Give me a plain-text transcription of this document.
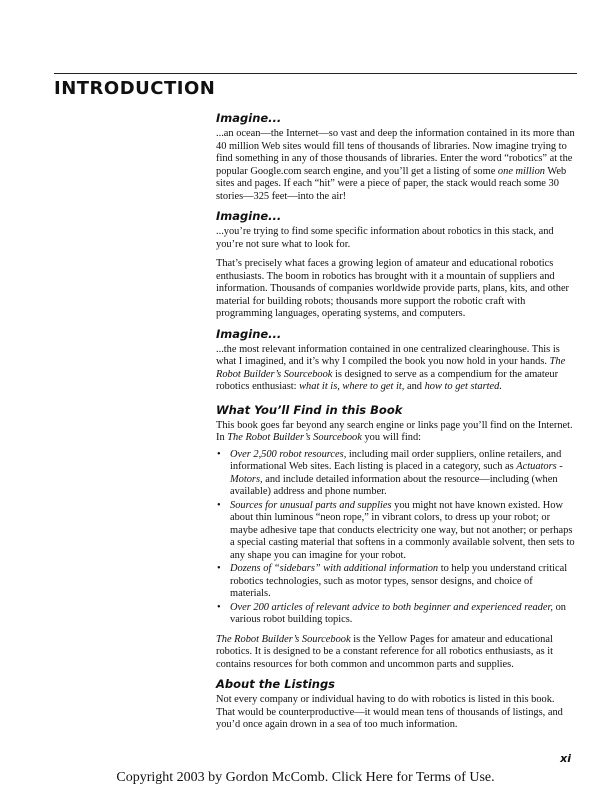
INTRODUCTION
Imagine...

...an ocean—the Internet—so vast and deep the information contained in its more than 40 million Web sites would fill tens of thousands of libraries. Now imagine trying to find something in any of those thousands of libraries. Enter the word “robotics” at the popular Google.com search engine, and you’ll get a listing of some one million Web sites and pages. If each “hit” were a piece of paper, the stack would reach some 30 stories—325 feet—into the air!

Imagine...

...you’re trying to find some specific information about robotics in this stack, and you’re not sure what to look for.

That’s precisely what faces a growing legion of amateur and educational robotics enthusiasts. The boom in robotics has brought with it a mountain of suppliers and information. Thousands of companies worldwide provide parts, plans, kits, and other material for building robots; thousands more support the robotic craft with programming languages, operating systems, and computers.

Imagine...

...the most relevant information contained in one centralized clearinghouse. This is what I imagined, and it’s why I compiled the book you now hold in your hands. The Robot Builder’s Sourcebook is designed to serve as a compendium for the amateur robotics enthusiast: what it is, where to get it, and how to get started.

What You’ll Find in this Book

This book goes far beyond any search engine or links page you’ll find on the Internet. In The Robot Builder’s Sourcebook you will find:

• Over 2,500 robot resources, including mail order suppliers, online retailers, and informational Web sites. Each listing is placed in a category, such as Actuators - Motors, and include detailed information about the resource—including (when available) address and phone number.
• Sources for unusual parts and supplies you might not have known existed. How about thin luminous “neon rope,” in vibrant colors, to dress up your robot; or maybe adhesive tape that conducts electricity one way, but not another; or perhaps a special casting material that softens in a commonly available solvent, then sets to any shape you can imagine for your robot.
• Dozens of “sidebars” with additional information to help you understand critical robotics technologies, such as motor types, sensor designs, and choice of materials.
• Over 200 articles of relevant advice to both beginner and experienced reader, on various robot building topics.

The Robot Builder’s Sourcebook is the Yellow Pages for amateur and educational robotics. It is designed to be a constant reference for all robotics enthusiasts, as it contains resources for both common and uncommon parts and supplies.

About the Listings

Not every company or individual having to do with robotics is listed in this book. That would be counterproductive—it would mean tens of thousands of listings, and you’d once again drown in a sea of too much information.

xi
Copyright 2003 by Gordon McComb. Click Here for Terms of Use.
